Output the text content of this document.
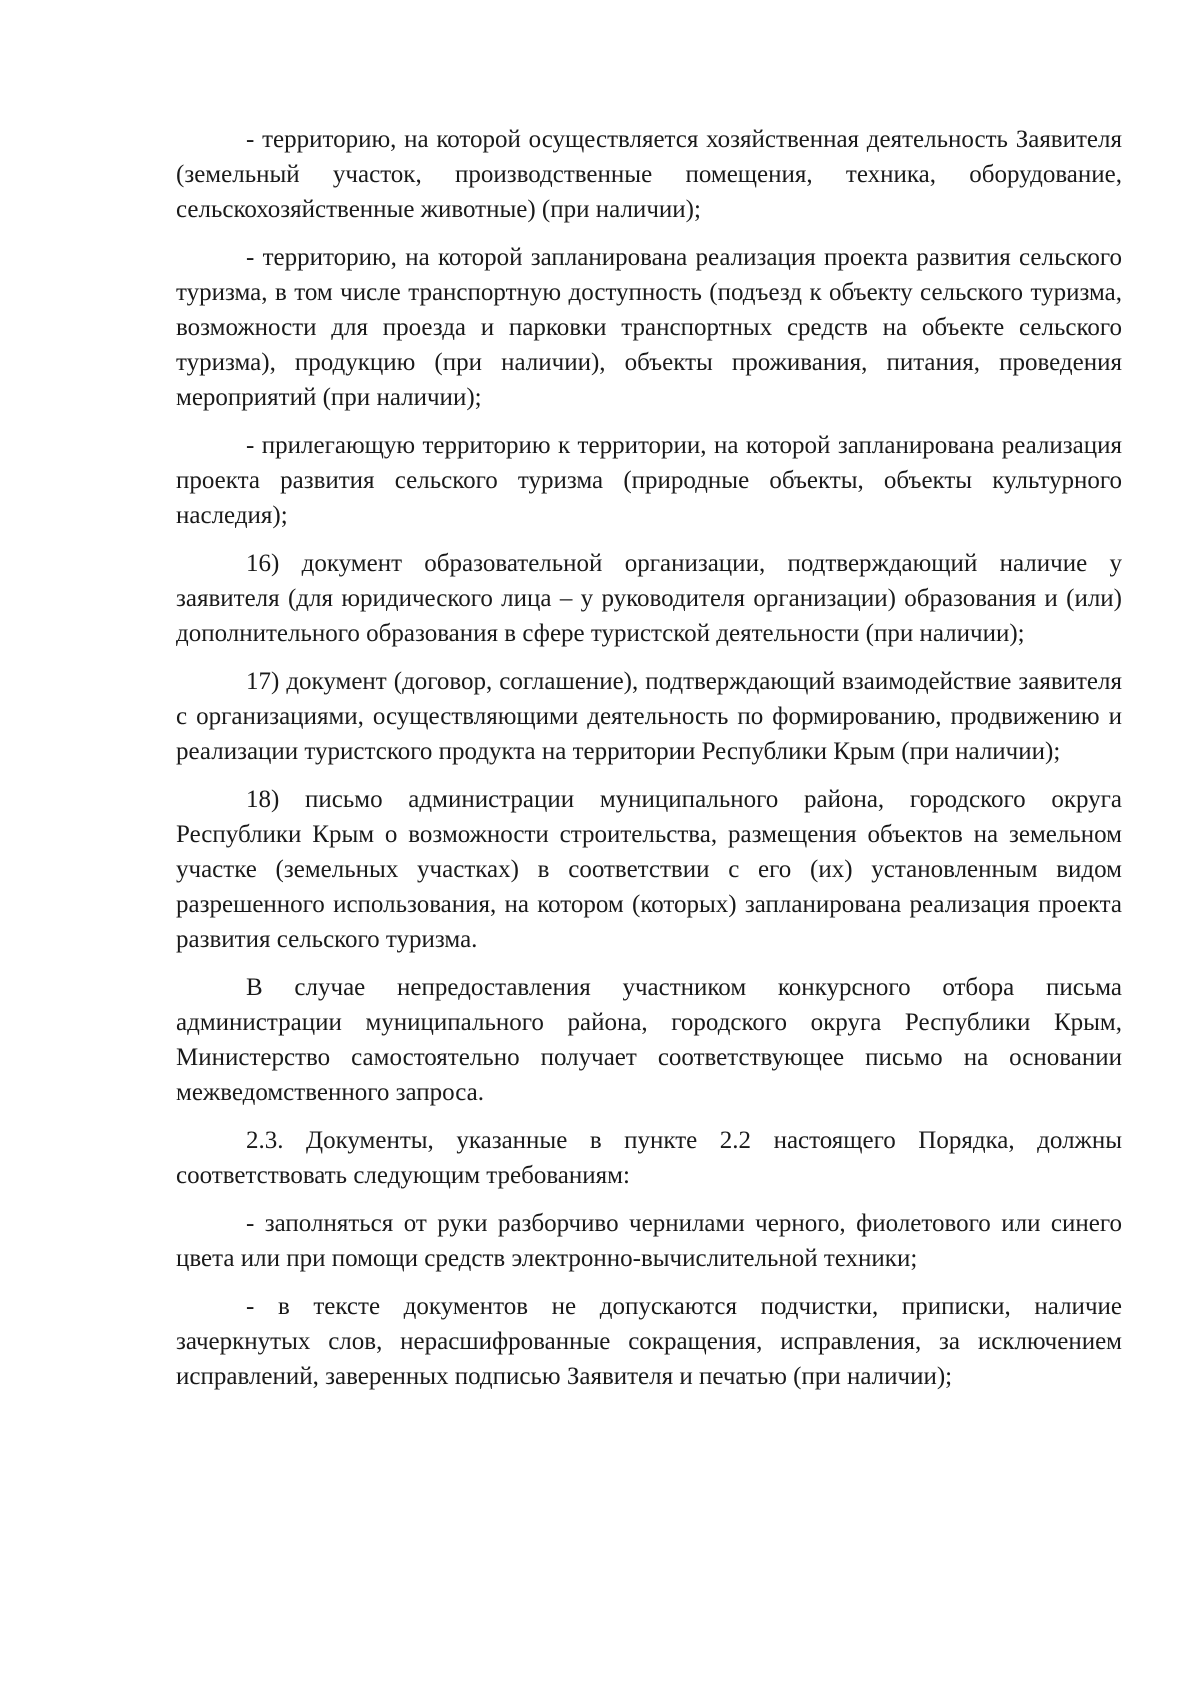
- территорию, на которой осуществляется хозяйственная деятельность Заявителя (земельный участок, производственные помещения, техника, оборудование, сельскохозяйственные животные) (при наличии);

- территорию, на которой запланирована реализация проекта развития сельского туризма, в том числе транспортную доступность (подъезд к объекту сельского туризма, возможности для проезда и парковки транспортных средств на объекте сельского туризма), продукцию (при наличии), объекты проживания, питания, проведения мероприятий (при наличии);

- прилегающую территорию к территории, на которой запланирована реализация проекта развития сельского туризма (природные объекты, объекты культурного наследия);

16) документ образовательной организации, подтверждающий наличие у заявителя (для юридического лица – у руководителя организации) образования и (или) дополнительного образования в сфере туристской деятельности (при наличии);

17) документ (договор, соглашение), подтверждающий взаимодействие заявителя с организациями, осуществляющими деятельность по формированию, продвижению и реализации туристского продукта на территории Республики Крым (при наличии);

18) письмо администрации муниципального района, городского округа Республики Крым о возможности строительства, размещения объектов на земельном участке (земельных участках) в соответствии с его (их) установленным видом разрешенного использования, на котором (которых) запланирована реализация проекта развития сельского туризма.

В случае непредоставления участником конкурсного отбора письма администрации муниципального района, городского округа Республики Крым, Министерство самостоятельно получает соответствующее письмо на основании межведомственного запроса.

2.3. Документы, указанные в пункте 2.2 настоящего Порядка, должны соответствовать следующим требованиям:

- заполняться от руки разборчиво чернилами черного, фиолетового или синего цвета или при помощи средств электронно-вычислительной техники;

- в тексте документов не допускаются подчистки, приписки, наличие зачеркнутых слов, нерасшифрованные сокращения, исправления, за исключением исправлений, заверенных подписью Заявителя и печатью (при наличии);
